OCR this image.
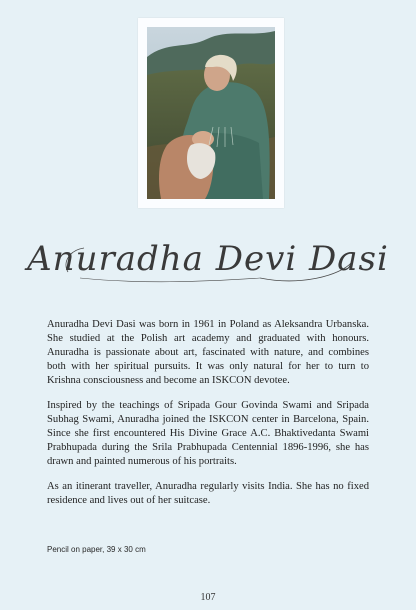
Anuradha Devi Dasi

Anuradha Devi Dasi was born in 1961 in Poland as Aleksandra Urbanska. She studied at the Polish art academy and graduated with honours. Anuradha is passionate about art, fascinated with nature, and combines both with her spiritual pursuits. It was only natural for her to turn to Krishna consciousness and become an ISKCON devotee.

Inspired by the teachings of Sripada Gour Govinda Swami and Sripada Subhag Swami, Anuradha joined the ISKCON center in Barcelona, Spain. Since she first encountered His Divine Grace A.C. Bhaktivedanta Swami Prabhupada during the Srila Prabhupada Centennial 1896-1996, she has drawn and painted numerous of his portraits.

As an itinerant traveller, Anuradha regularly visits India. She has no fixed residence and lives out of her suitcase.

Pencil on paper, 39 x 30 cm
107
